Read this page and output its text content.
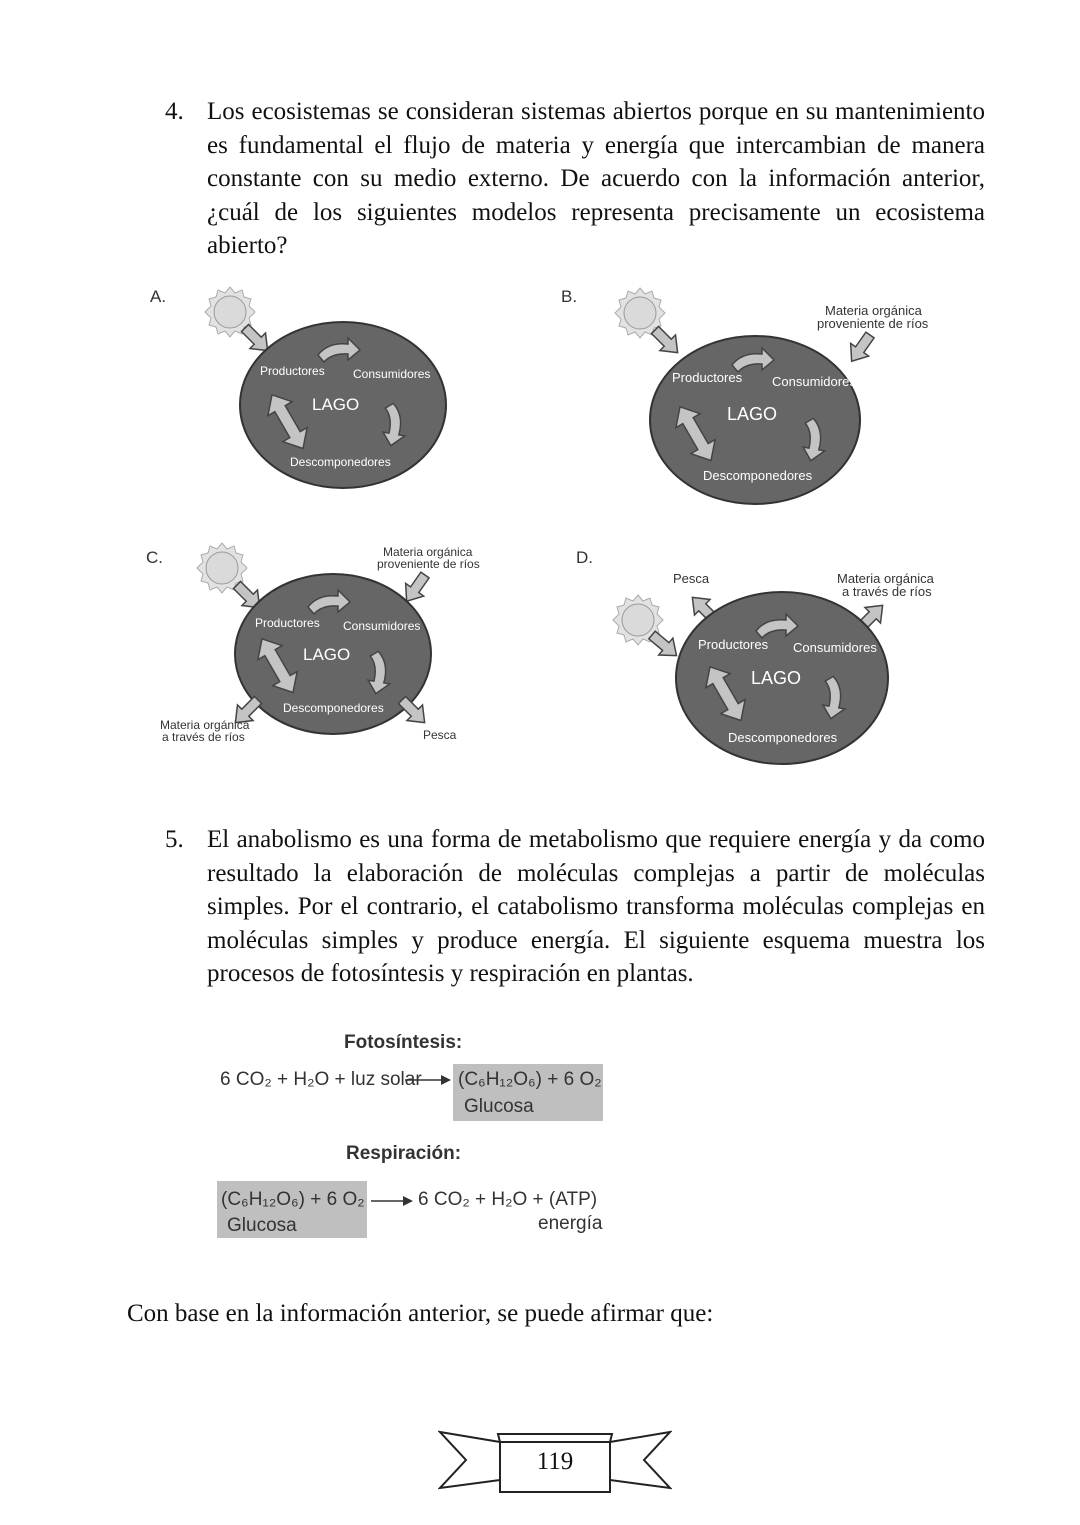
4. Los ecosistemas se consideran sistemas abiertos porque en su mantenimiento es fundamental el flujo de materia y energía que intercambian de manera constante con su medio externo. De acuerdo con la información anterior, ¿cuál de los siguientes modelos representa precisamente un ecosistema abierto?
A.
Productores Consumidores
LAGO
Descomponedores
B.
Materia orgánica
proveniente de ríos
Productores Consumidores
LAGO
Descomponedores
C.	Materia orgánica
proveniente de ríos
Productores Consumidores
LAGO
Descomponedores
Materia orgánica
a través de ríos	Pesca
D.
Pesca	Materia orgánica
a través de ríos
Productores Consumidores
LAGO
Descomponedores
5. El anabolismo es una forma de metabolismo que requiere energía y da como resultado la elaboración de moléculas complejas a partir de moléculas simples. Por el contrario, el catabolismo transforma moléculas complejas en moléculas simples y produce energía. El siguiente esquema muestra los procesos de fotosíntesis y respiración en plantas.
Fotosíntesis:
6 CO₂ + H₂O + luz solar → (C₆H₁₂O₆) + 6 O₂
Glucosa
Respiración:
(C₆H₁₂O₆) + 6 O₂
Glucosa
→ 6 CO₂ + H₂O + (ATP)
energía
Con base en la información anterior, se puede afirmar que:
119
